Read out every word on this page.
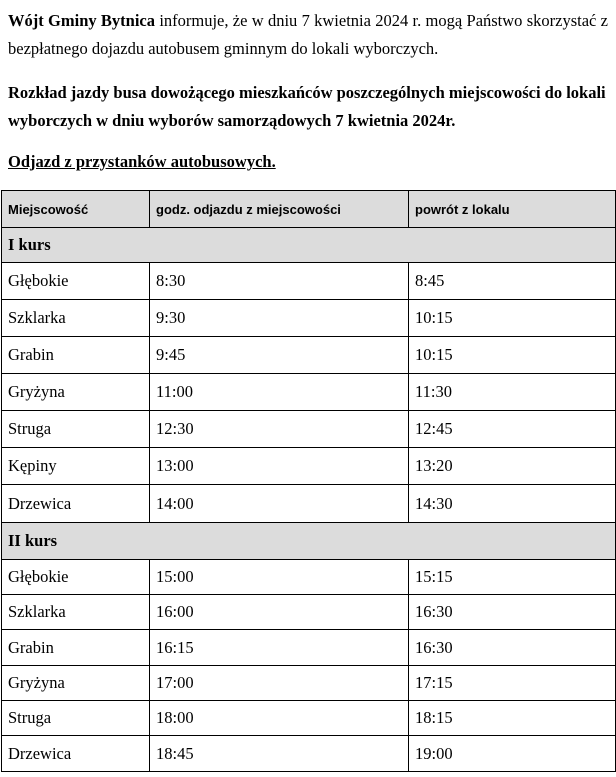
Wójt Gminy Bytnica informuje, że w dniu 7 kwietnia 2024 r. mogą Państwo skorzystać z bezpłatnego dojazdu autobusem gminnym do lokali wyborczych.
Rozkład jazdy busa dowożącego mieszkańców poszczególnych miejscowości do lokali wyborczych w dniu wyborów samorządowych 7 kwietnia 2024r.
Odjazd z przystanków autobusowych.
Miejscowość	godz. odjazdu z miejscowości	powrót z lokalu
I kurs		
Głębokie	8:30	8:45
Szklarka	9:30	10:15
Grabin	9:45	10:15
Gryżyna	11:00	11:30
Struga	12:30	12:45
Kępiny	13:00	13:20
Drzewica	14:00	14:30
II kurs		
Głębokie	15:00	15:15
Szklarka	16:00	16:30
Grabin	16:15	16:30
Gryżyna	17:00	17:15
Struga	18:00	18:15
Drzewica	18:45	19:00
